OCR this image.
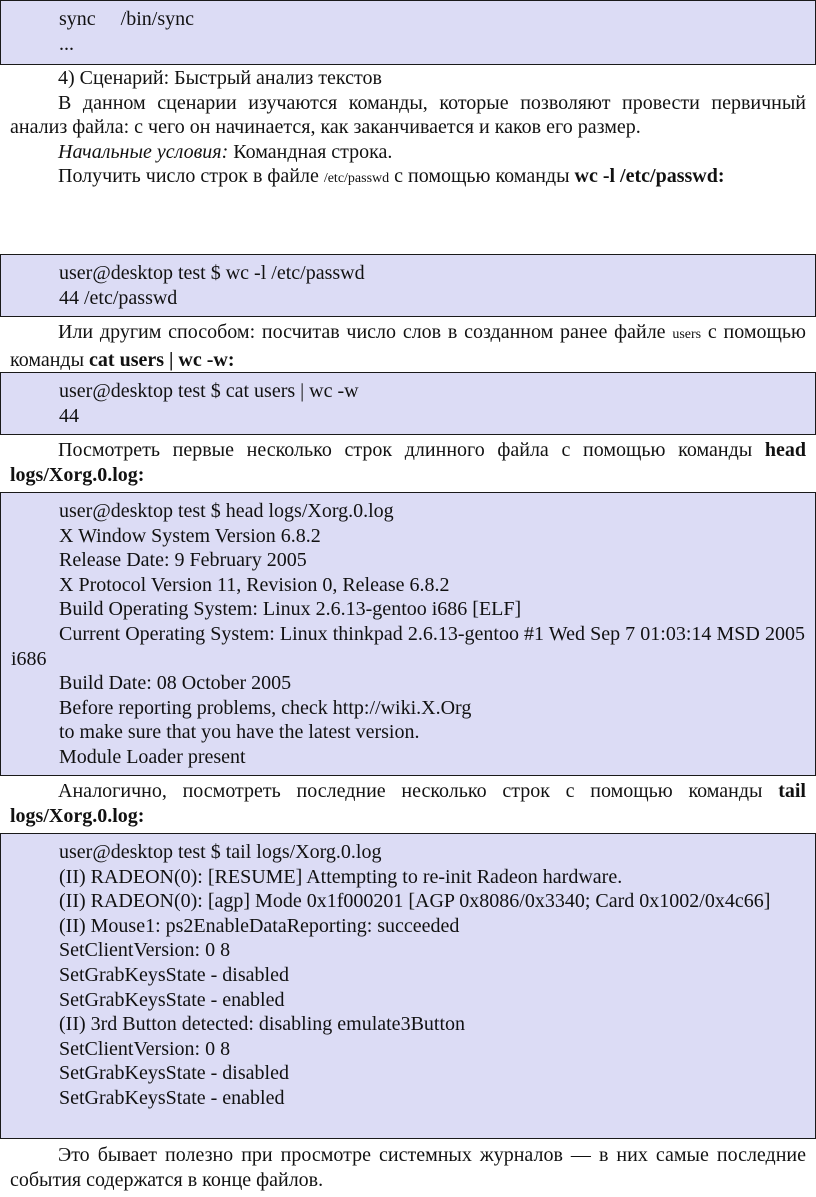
sync     /bin/sync
...

4) Сценарий: Быстрый анализ текстов

В данном сценарии изучаются команды, которые позволяют провести первичный анализ файла: с чего он начинается, как заканчивается и каков его размер.

Начальные условия: Командная строка.

Получить число строк в файле /etc/passwd с помощью команды wc -l /etc/passwd:

user@desktop test $ wc -l /etc/passwd
44 /etc/passwd

Или другим способом: посчитав число слов в созданном ранее файле users с помощью команды cat users | wc -w:

user@desktop test $ cat users | wc -w
44

Посмотреть первые несколько строк длинного файла с помощью команды head logs/Xorg.0.log:

user@desktop test $ head logs/Xorg.0.log
X Window System Version 6.8.2
Release Date: 9 February 2005
X Protocol Version 11, Revision 0, Release 6.8.2
Build Operating System: Linux 2.6.13-gentoo i686 [ELF]
Current Operating System: Linux thinkpad 2.6.13-gentoo #1 Wed Sep 7 01:03:14 MSD 2005 i686
Build Date: 08 October 2005
Before reporting problems, check http://wiki.X.Org
to make sure that you have the latest version.
Module Loader present

Аналогично, посмотреть последние несколько строк с помощью команды tail logs/Xorg.0.log:

user@desktop test $ tail logs/Xorg.0.log
(II) RADEON(0): [RESUME] Attempting to re-init Radeon hardware.
(II) RADEON(0): [agp] Mode 0x1f000201 [AGP 0x8086/0x3340; Card 0x1002/0x4c66]
(II) Mouse1: ps2EnableDataReporting: succeeded
SetClientVersion: 0 8
SetGrabKeysState - disabled
SetGrabKeysState - enabled
(II) 3rd Button detected: disabling emulate3Button
SetClientVersion: 0 8
SetGrabKeysState - disabled
SetGrabKeysState - enabled

Это бывает полезно при просмотре системных журналов — в них самые последние события содержатся в конце файлов.
